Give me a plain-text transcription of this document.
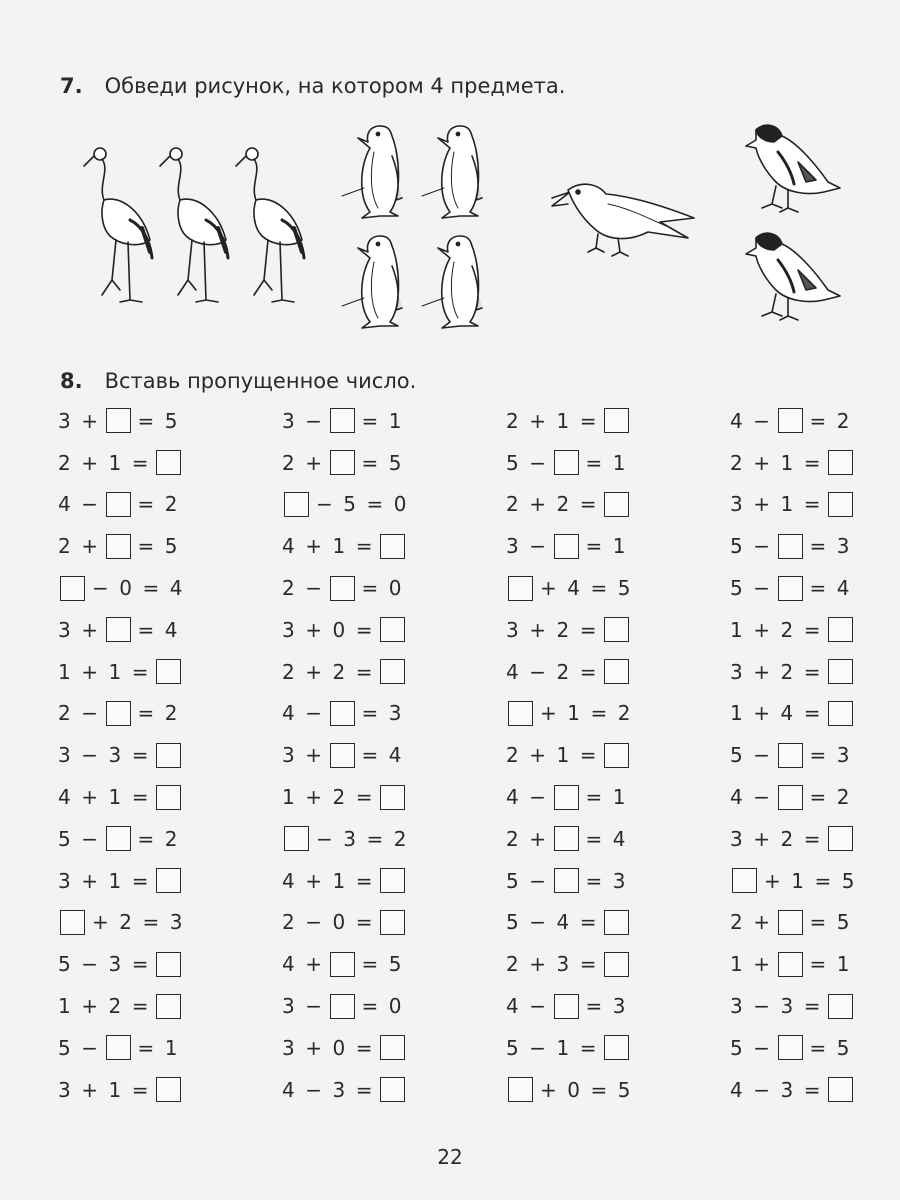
7. Обведи рисунок, на котором 4 предмета.
8. Вставь пропущенное число.
3 + = 5	3 − = 1	2 + 1 =	4 − = 2
2 + 1 =	2 + = 5	5 − = 1	2 + 1 =
4 − = 2	− 5 = 0	2 + 2 =	3 + 1 =
2 + = 5	4 + 1 =	3 − = 1	5 − = 3
− 0 = 4	2 − = 0	+ 4 = 5	5 − = 4
3 + = 4	3 + 0 =	3 + 2 =	1 + 2 =
1 + 1 =	2 + 2 =	4 − 2 =	3 + 2 =
2 − = 2	4 − = 3	+ 1 = 2	1 + 4 =
3 − 3 =	3 + = 4	2 + 1 =	5 − = 3
4 + 1 =	1 + 2 =	4 − = 1	4 − = 2
5 − = 2	− 3 = 2	2 + = 4	3 + 2 =
3 + 1 =	4 + 1 =	5 − = 3	+ 1 = 5
+ 2 = 3	2 − 0 =	5 − 4 =	2 + = 5
5 − 3 =	4 + = 5	2 + 3 =	1 + = 1
1 + 2 =	3 − = 0	4 − = 3	3 − 3 =
5 − = 1	3 + 0 =	5 − 1 =	5 − = 5
3 + 1 =	4 − 3 =	+ 0 = 5	4 − 3 =
22
